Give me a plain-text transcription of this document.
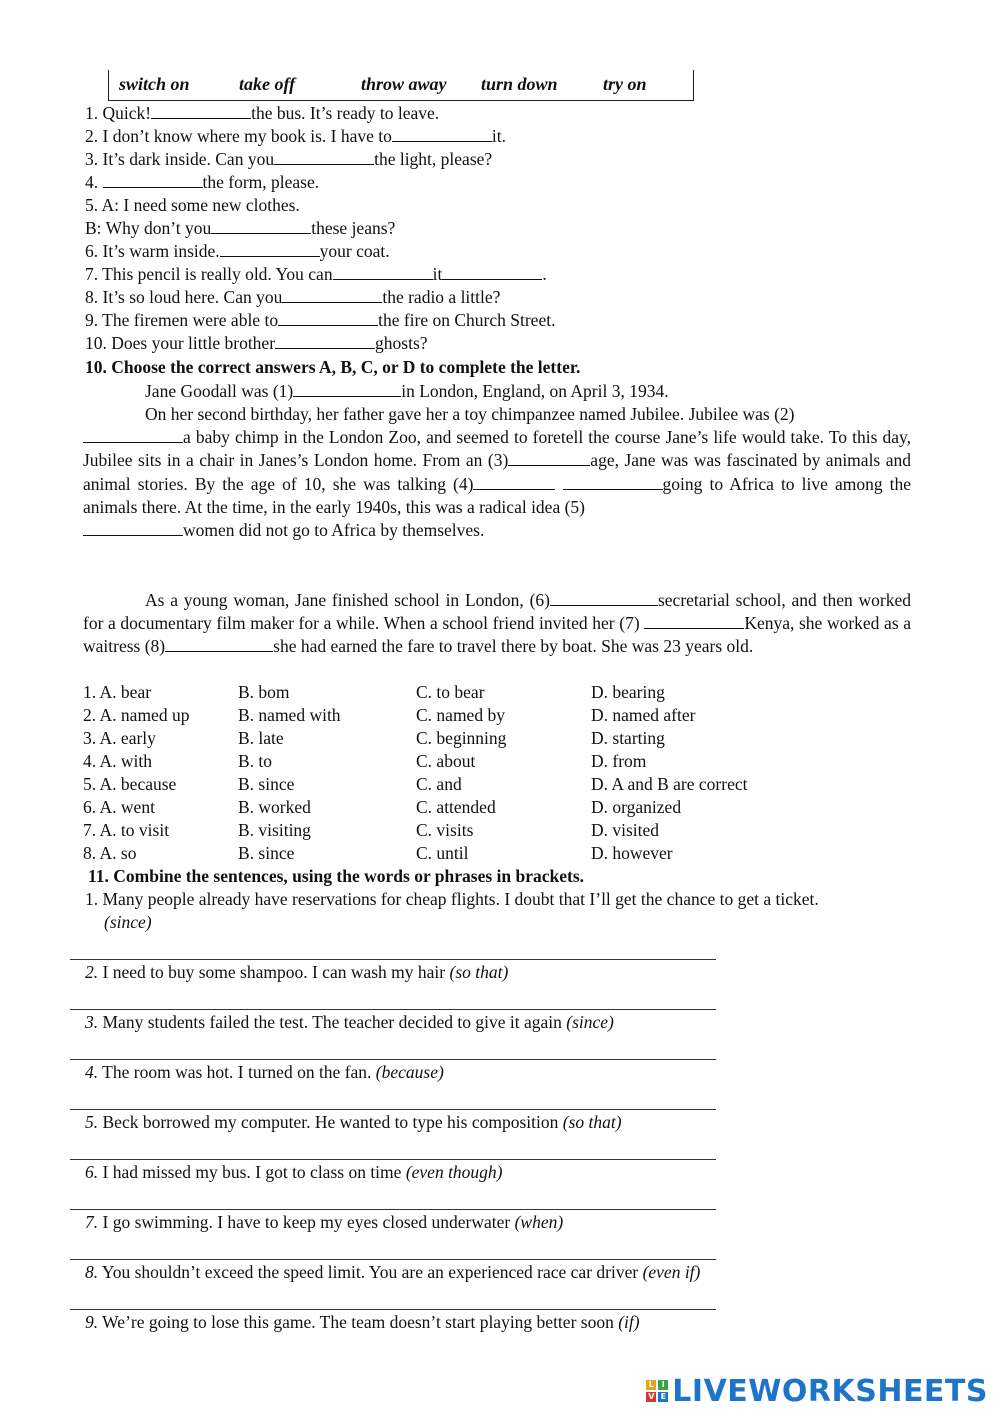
switch on	take off	throw away turn down	try on
1. Quick!	the bus. It’s ready to leave.
2. I don’t know where my book is. I have to	it.
3. It’s dark inside. Can you	the light, please?
4.	the form, please.
5. A: I need some new clothes.
B: Why don’t you	these jeans?
6. It’s warm inside.	your coat.
7. This pencil is really old. You can	it	.
8. It’s so loud here. Can you	the radio a little?
9. The firemen were able to	the fire on Church Street.
10. Does your little brother	ghosts?
10. Choose the correct answers A, B, C, or D to complete the letter.
Jane Goodall was (1)	in London, England, on April 3, 1934.
On her second birthday, her father gave her a toy chimpanzee named Jubilee. Jubilee was (2)
a baby chimp in the London Zoo, and seemed to foretell the course Jane’s life would take. To this day, Jubilee sits in a chair in Janes’s London home. From an (3)	age, Jane was was fascinated by animals and animal stories. By the age of 10, she was talking (4)	going to Africa to live among the animals there. At the time, in the early 1940s, this was a radical idea (5)
women did not go to Africa by themselves.
As a young woman, Jane finished school in London, (6)	secretarial school, and then worked for a documentary film maker for a while. When a school friend invited her (7)	Kenya, she worked as a waitress (8)	she had earned the fare to travel there by boat. She was 23 years old.
1. A. bear	B. bom	C. to bear	D. bearing
2. A. named up	B. named with	C. named by	D. named after
3. A. early	B. late	C. beginning	D. starting
4. A. with	B. to	C. about	D. from
5. A. because	B. since	C. and	D. A and B are correct
6. A. went	B. worked	C. attended	D. organized
7. A. to visit	B. visiting	C. visits	D. visited
8. A. so	B. since	C. until	D. however
11. Combine the sentences, using the words or phrases in brackets.
1. Many people already have reservations for cheap flights. I doubt that I’ll get the chance to get a ticket.
(since)
2. I need to buy some shampoo. I can wash my hair (so that)
3. Many students failed the test. The teacher decided to give it again (since)
4. The room was hot. I turned on the fan. (because)
5. Beck borrowed my computer. He wanted to type his composition (so that)
6. I had missed my bus. I got to class on time (even though)
7. I go swimming. I have to keep my eyes closed underwater (when)
8. You shouldn’t exceed the speed limit. You are an experienced race car driver (even if)
9. We’re going to lose this game. The team doesn’t start playing better soon (if)
L I
V E LIVEWORKSHEETS
